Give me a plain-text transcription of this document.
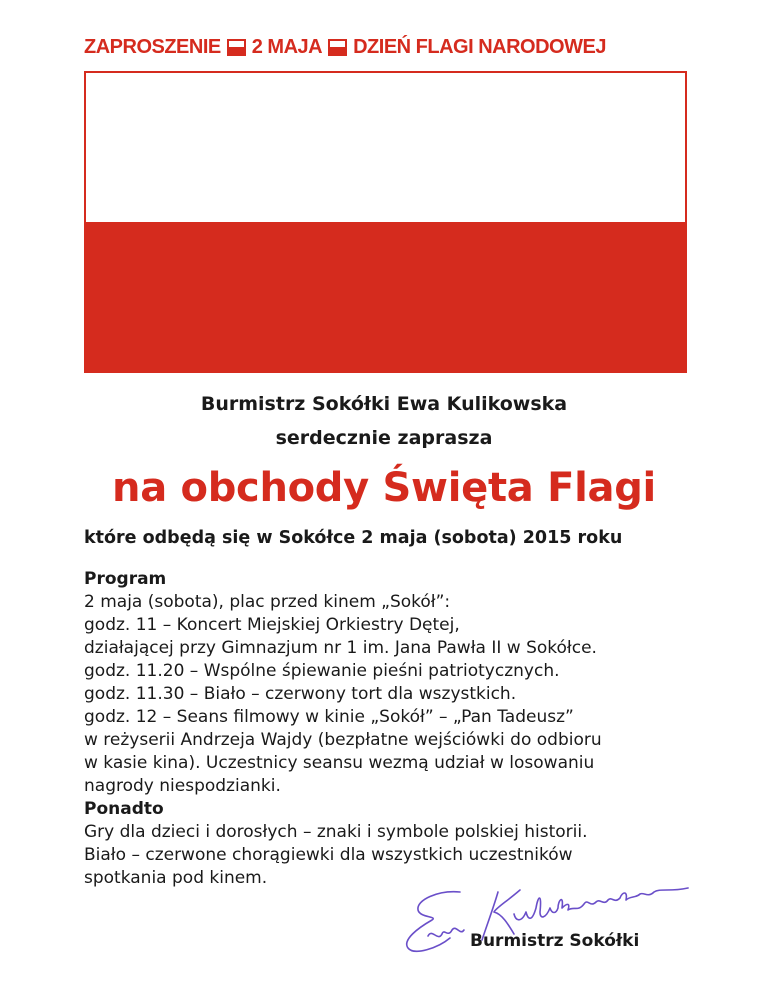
ZAPROSZENIE 2 MAJA DZIEŃ FLAGI NARODOWEJ
Burmistrz Sokółki Ewa Kulikowska
serdecznie zaprasza
na obchody Święta Flagi
które odbędą się w Sokółce 2 maja (sobota) 2015 roku
Program
2 maja (sobota), plac przed kinem „Sokół”:
godz. 11 – Koncert Miejskiej Orkiestry Dętej,
działającej przy Gimnazjum nr 1 im. Jana Pawła II w Sokółce.
godz. 11.20 – Wspólne śpiewanie pieśni patriotycznych.
godz. 11.30 – Biało – czerwony tort dla wszystkich.
godz. 12 – Seans filmowy w kinie „Sokół” – „Pan Tadeusz”
w reżyserii Andrzeja Wajdy (bezpłatne wejściówki do odbioru
w kasie kina). Uczestnicy seansu wezmą udział w losowaniu
nagrody niespodzianki.
Ponadto
Gry dla dzieci i dorosłych – znaki i symbole polskiej historii.
Biało – czerwone chorągiewki dla wszystkich uczestników
spotkania pod kinem.
Burmistrz Sokółki
